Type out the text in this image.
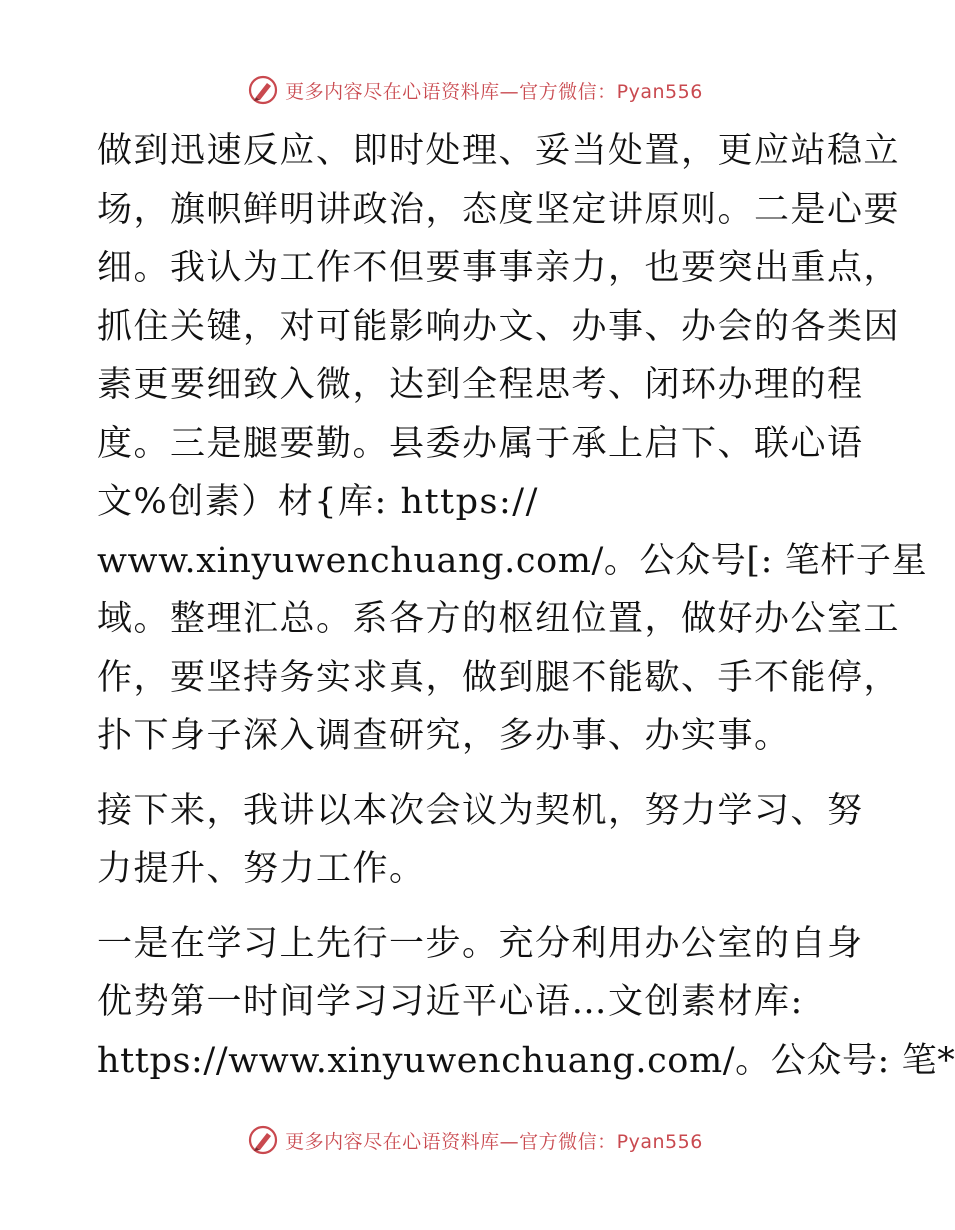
更多内容尽在心语资料库—官方微信：Pyan556
做到迅速反应、即时处理、妥当处置，更应站稳立
场，旗帜鲜明讲政治，态度坚定讲原则。二是心要
细。我认为工作不但要事事亲力，也要突出重点，
抓住关键，对可能影响办文、办事、办会的各类因
素更要细致入微，达到全程思考、闭环办理的程
度。三是腿要勤。县委办属于承上启下、联心语
文%创素）材{库: https://
www.xinyuwenchuang.com/。公众号[: 笔杆子星
域。整理汇总。系各方的枢纽位置，做好办公室工
作，要坚持务实求真，做到腿不能歇、手不能停，
扑下身子深入调查研究，多办事、办实事。
接下来，我讲以本次会议为契机，努力学习、努
力提升、努力工作。
一是在学习上先行一步。充分利用办公室的自身
优势第一时间学习习近平心语…文创素材库:
https://www.xinyuwenchuang.com/。公众号: 笔*
更多内容尽在心语资料库—官方微信：Pyan556
